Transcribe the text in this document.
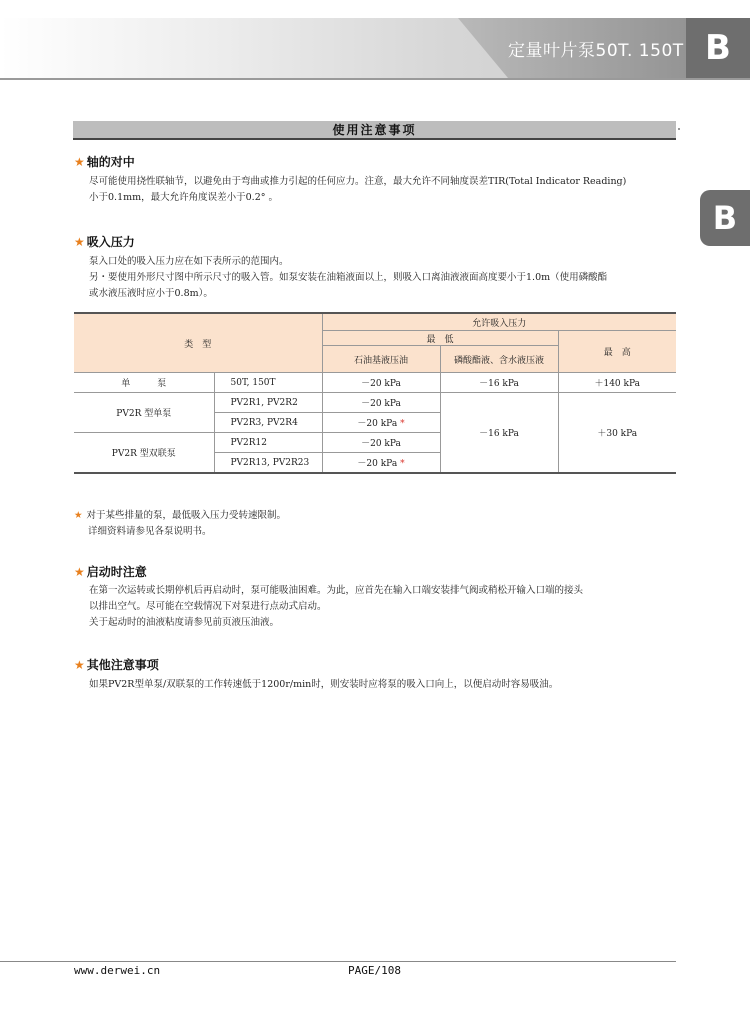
定量叶片泵50T. 150T B
B
使用注意事项
★ 轴的对中
尽可能使用挠性联轴节，以避免由于弯曲或推力引起的任何应力。注意，最大允许不同轴度误差TIR(Total Indicator Reading)
小于0.1mm，最大允许角度误差小于0.2° 。
★ 吸入压力
泵入口处的吸入压力应在如下表所示的范围内。
另・要使用外形尺寸图中所示尺寸的吸入管。如泵安装在油箱液面以上，则吸入口离油液液面高度要小于1.0m（使用磷酸酯
或水液压液时应小于0.8m）。
类　型		允许吸入压力		
		最　低		最　高
		石油基液压油	磷酸酯液、含水液压液	
单　　　泵	50T, 150T	－20 kPa	－16 kPa	＋140 kPa
PV2R 型单泵	PV2R1, PV2R2	－20 kPa	－16 kPa	＋30 kPa
	PV2R3, PV2R4	－20 kPa *		
PV2R 型双联泵	PV2R12	－20 kPa		
	PV2R13, PV2R23	－20 kPa *		
★ 对于某些排量的泵，最低吸入压力受转速限制。
详细资料请参见各泵说明书。
★ 启动时注意
在第一次运转或长期停机后再启动时，泵可能吸油困难。为此，应首先在输入口端安装排气阀或稍松开输入口端的接头
以排出空气。尽可能在空载情况下对泵进行点动式启动。
关于起动时的油液粘度请参见前页液压油液。
★ 其他注意事项
如果PV2R型单泵/双联泵的工作转速低于1200r/min时，则安装时应将泵的吸入口向上，以便启动时容易吸油。
www.derwei.cn	PAGE/108
